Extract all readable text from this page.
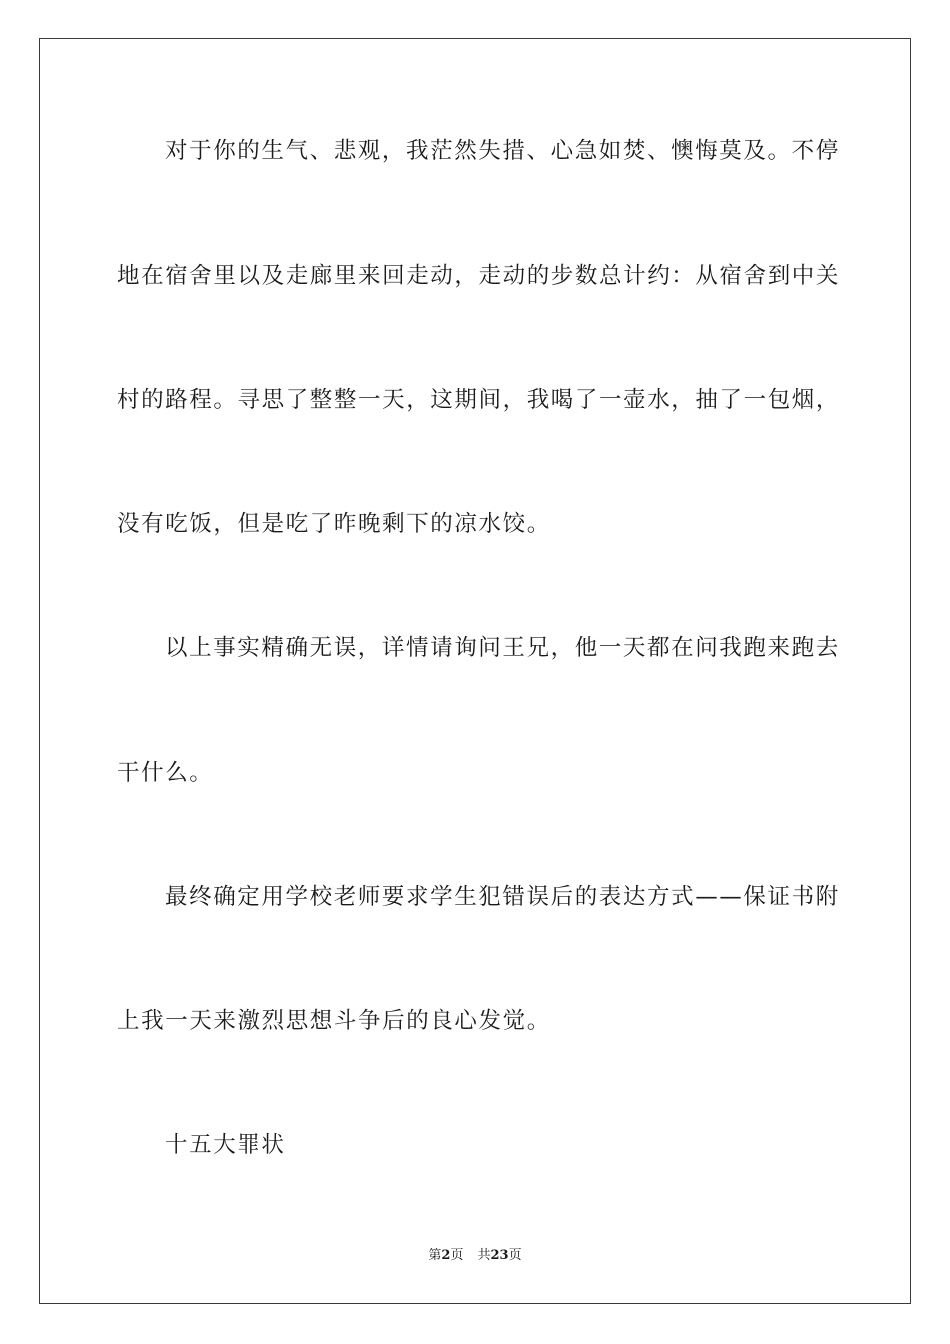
对于你的生气、悲观，我茫然失措、心急如焚、懊悔莫及。不停
地在宿舍里以及走廊里来回走动，走动的步数总计约：从宿舍到中关
村的路程。寻思了整整一天，这期间，我喝了一壶水，抽了一包烟，
没有吃饭，但是吃了昨晚剩下的凉水饺。
以上事实精确无误，详情请询问王兄，他一天都在问我跑来跑去
干什么。
最终确定用学校老师要求学生犯错误后的表达方式——保证书附
上我一天来激烈思想斗争后的良心发觉。
十五大罪状
第2页 共23页
